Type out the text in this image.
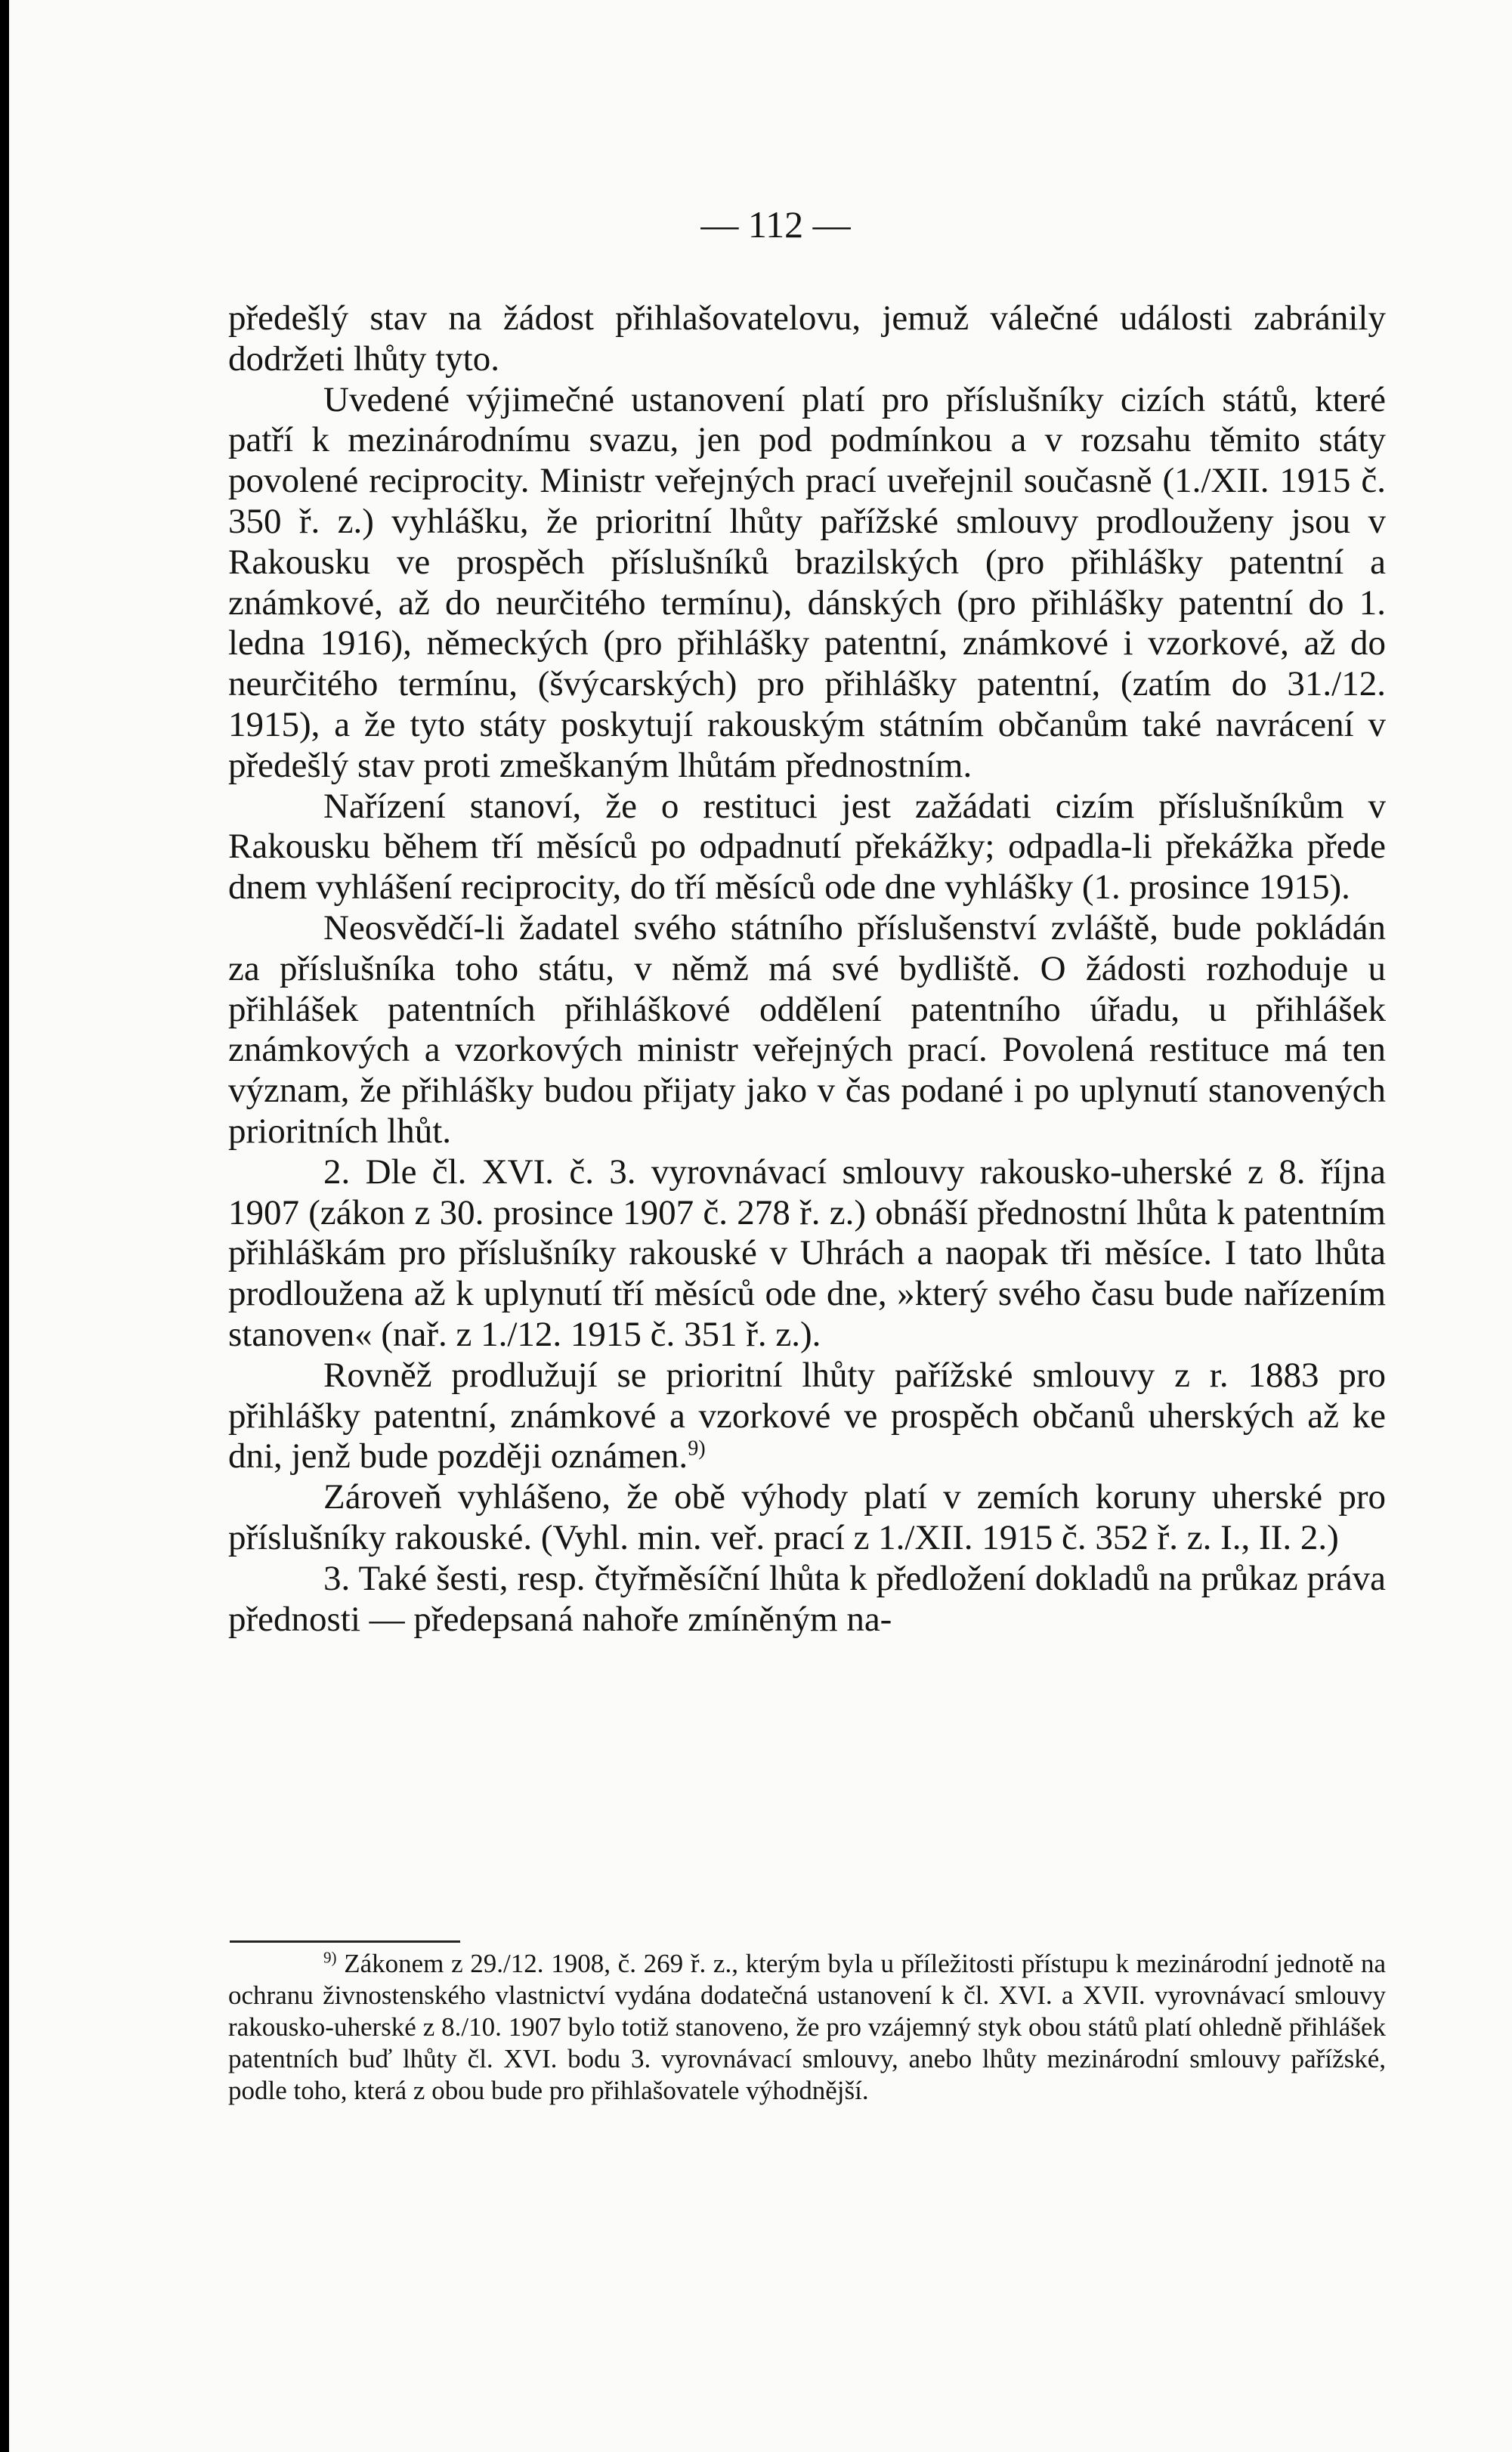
— 112 —

předešlý stav na žádost přihlašovatelovu, jemuž válečné události zabránily dodržeti lhůty tyto.

Uvedené výjimečné ustanovení platí pro příslušníky cizích států, které patří k mezinárodnímu svazu, jen pod podmínkou a v rozsahu těmito státy povolené reciprocity. Ministr veřejných prací uveřejnil současně (1./XII. 1915 č. 350 ř. z.) vyhlášku, že prioritní lhůty pařížské smlouvy prodlouženy jsou v Rakousku ve prospěch příslušníků brazilských (pro přihlášky patentní a známkové, až do neurčitého termínu), dánských (pro přihlášky patentní do 1. ledna 1916), německých (pro přihlášky patentní, známkové i vzorkové, až do neurčitého termínu, (švýcarských) pro přihlášky patentní, (zatím do 31./12. 1915), a že tyto státy poskytují rakouským státním občanům také navrácení v předešlý stav proti zmeškaným lhůtám přednostním.

Nařízení stanoví, že o restituci jest zažádati cizím příslušníkům v Rakousku během tří měsíců po odpadnutí překážky; odpadla-li překážka přede dnem vyhlášení reciprocity, do tří měsíců ode dne vyhlášky (1. prosince 1915).

Neosvědčí-li žadatel svého státního příslušenství zvláště, bude pokládán za příslušníka toho státu, v němž má své bydliště. O žádosti rozhoduje u přihlášek patentních přihláškové oddělení patentního úřadu, u přihlášek známkových a vzorkových ministr veřejných prací. Povolená restituce má ten význam, že přihlášky budou přijaty jako v čas podané i po uplynutí stanovených prioritních lhůt.

2. Dle čl. XVI. č. 3. vyrovnávací smlouvy rakousko-uherské z 8. října 1907 (zákon z 30. prosince 1907 č. 278 ř. z.) obnáší přednostní lhůta k patentním přihláškám pro příslušníky rakouské v Uhrách a naopak tři měsíce. I tato lhůta prodloužena až k uplynutí tří měsíců ode dne, »který svého času bude nařízením stanoven« (nař. z 1./12. 1915 č. 351 ř. z.).

Rovněž prodlužují se prioritní lhůty pařížské smlouvy z r. 1883 pro přihlášky patentní, známkové a vzorkové ve prospěch občanů uherských až ke dni, jenž bude později oznámen.$^{9)}$

Zároveň vyhlášeno, že obě výhody platí v zemích koruny uherské pro příslušníky rakouské. (Vyhl. min. veř. prací z 1./XII. 1915 č. 352 ř. z. I., II. 2.)

3. Také šesti, resp. čtyřměsíční lhůta k předložení dokladů na průkaz práva přednosti — předepsaná nahoře zmíněným na-

$^{9)}$ Zákonem z 29./12. 1908, č. 269 ř. z., kterým byla u příležitosti přístupu k mezinárodní jednotě na ochranu živnostenského vlastnictví vydána dodatečná ustanovení k čl. XVI. a XVII. vyrovnávací smlouvy rakousko-uherské z 8./10. 1907 bylo totiž stanoveno, že pro vzájemný styk obou států platí ohledně přihlášek patentních buď lhůty čl. XVI. bodu 3. vyrovnávací smlouvy, anebo lhůty mezinárodní smlouvy pařížské, podle toho, která z obou bude pro přihlašovatele výhodnější.
